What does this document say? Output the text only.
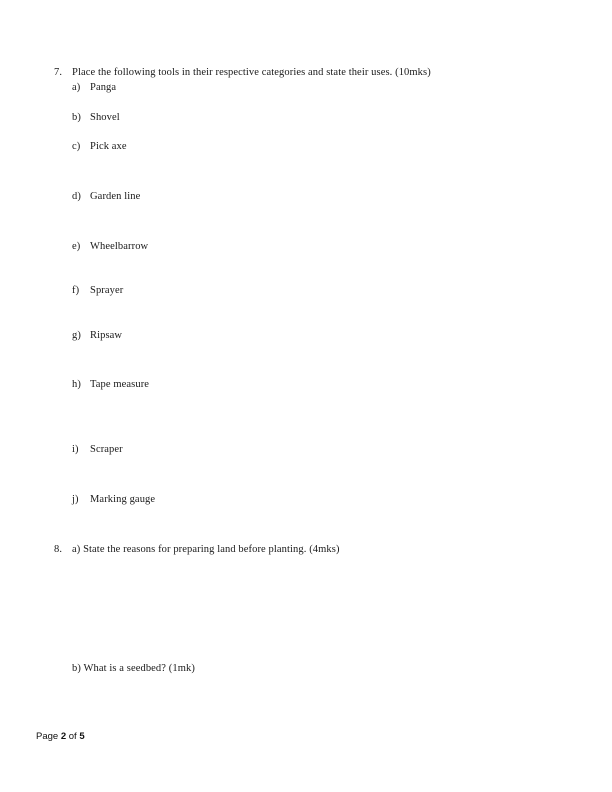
7. Place the following tools in their respective categories and state their uses. (10mks)
a) Panga
b) Shovel
c) Pick axe
d) Garden line
e) Wheelbarrow
f) Sprayer
g) Ripsaw
h) Tape measure
i) Scraper
j) Marking gauge
8. a) State the reasons for preparing land before planting. (4mks)
b) What is a seedbed? (1mk)
Page 2 of 5
